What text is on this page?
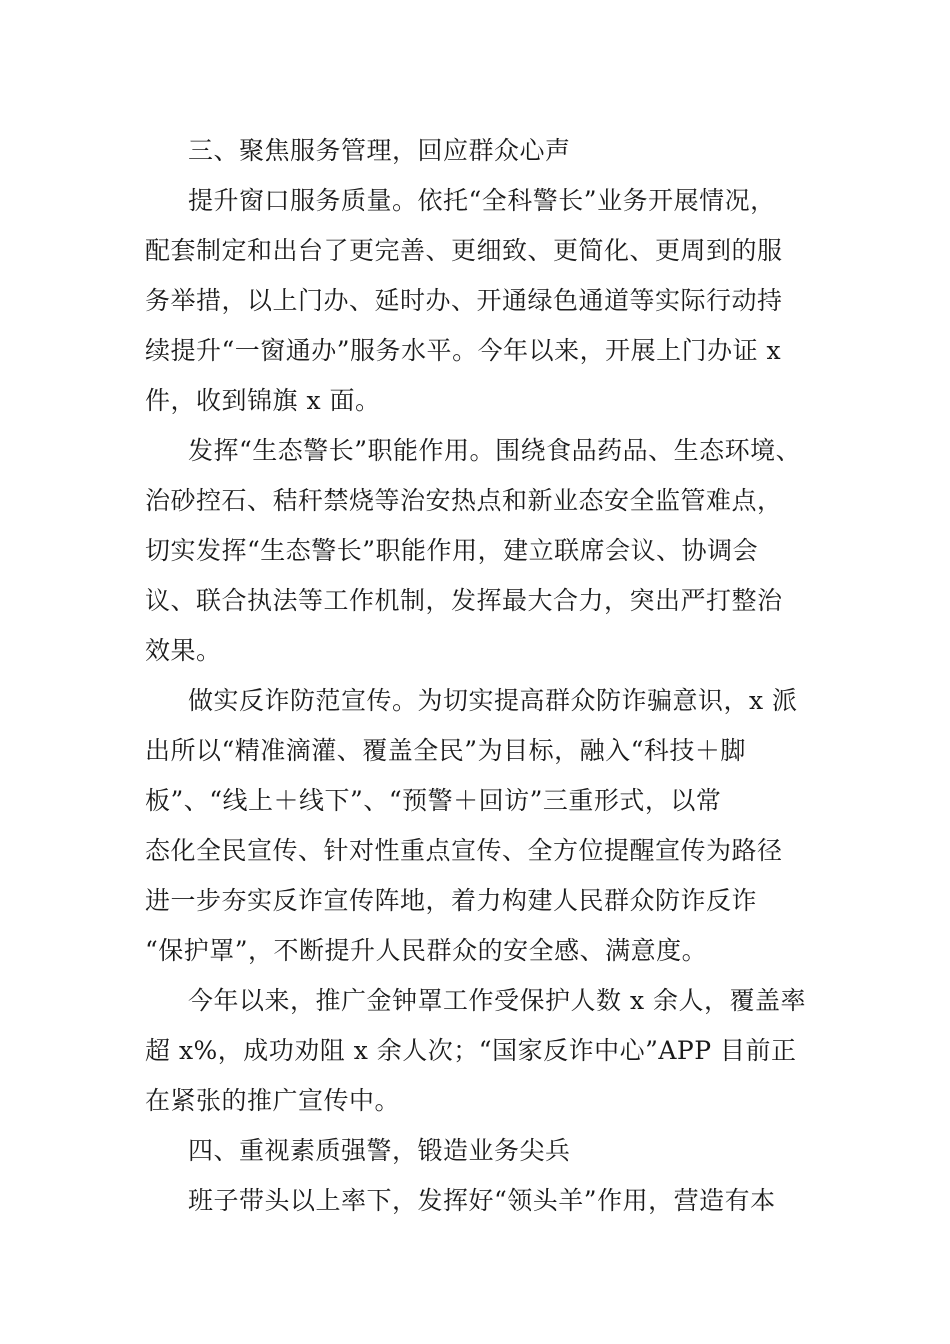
三、聚焦服务管理，回应群众心声
提升窗口服务质量。依托“全科警长”业务开展情况，
配套制定和出台了更完善、更细致、更简化、更周到的服
务举措，以上门办、延时办、开通绿色通道等实际行动持
续提升“一窗通办”服务水平。今年以来，开展上门办证 x
件，收到锦旗 x 面。
发挥“生态警长”职能作用。围绕食品药品、生态环境、
治砂控石、秸秆禁烧等治安热点和新业态安全监管难点，
切实发挥“生态警长”职能作用，建立联席会议、协调会
议、联合执法等工作机制，发挥最大合力，突出严打整治
效果。
做实反诈防范宣传。为切实提高群众防诈骗意识，x 派
出所以“精准滴灌、覆盖全民”为目标，融入“科技＋脚
板”、“线上＋线下”、“预警＋回访”三重形式，以常
态化全民宣传、针对性重点宣传、全方位提醒宣传为路径
进一步夯实反诈宣传阵地，着力构建人民群众防诈反诈
“保护罩”，不断提升人民群众的安全感、满意度。
今年以来，推广金钟罩工作受保护人数 x 余人，覆盖率
超 x%，成功劝阻 x 余人次；“国家反诈中心”APP 目前正
在紧张的推广宣传中。
四、重视素质强警，锻造业务尖兵
班子带头以上率下，发挥好“领头羊”作用，营造有本
